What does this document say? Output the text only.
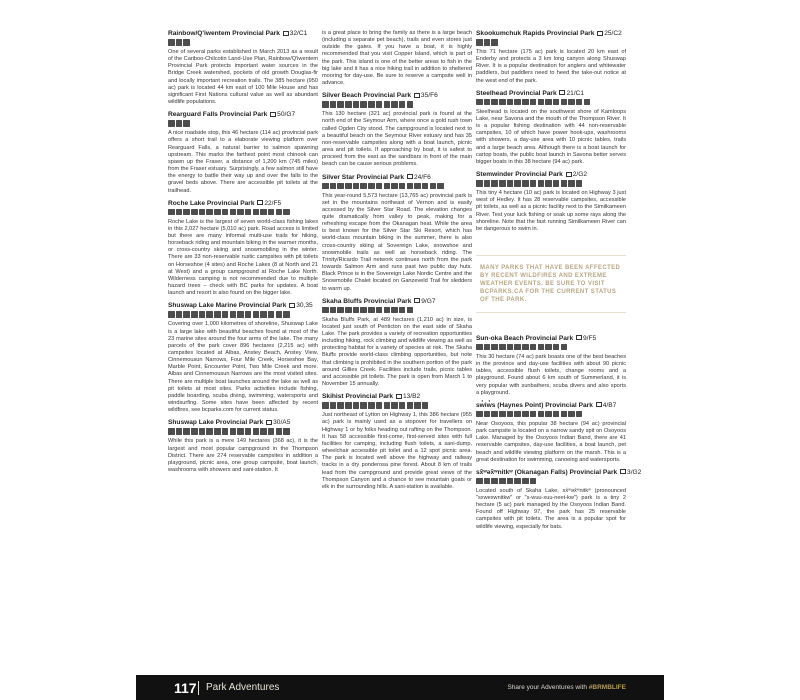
Rainbow/Q'iwentem Provincial Park 32/C1

One of several parks established in March 2013 as a result of the Cariboo-Chilcotin Land-Use Plan, Rainbow/Q'iwentem Provincial Park protects important water sources in the Bridge Creek watershed, pockets of old growth Douglas-fir and locally important recreation trails. The 385 hectare (950 ac) park is located 44 km east of 100 Mile House and has significant First Nations cultural value as well as abundant wildlife populations.

Rearguard Falls Provincial Park 50/G7

A nice roadside stop, this 46 hectare (114 ac) provincial park offers a short trail to a elaborate viewing platform over Rearguard Falls, a natural barrier to salmon spawning upstream. This marks the farthest point most chinook can spawn up the Fraser, a distance of 1,200 km (745 miles) from the Fraser estuary. Surprisingly, a few salmon still have the energy to battle their way up and over the falls to the gravel beds above. There are accessible pit toilets at the trailhead.

Roche Lake Provincial Park 22/F5

Roche Lake is the largest of seven world-class fishing lakes in this 2,027 hectare (5,010 ac) park. Road access is limited but there are many informal multi-use trails for hiking, horseback riding and mountain biking in the warmer months, or cross-country skiing and snowmobiling in the winter. There are 33 non-reservable rustic campsites with pit toilets on Horseshoe (4 sites) and Roche Lakes (8 at North and 21 at West) and a group campground at Roche Lake North. Wilderness camping is not recommended due to multiple hazard trees – check with BC parks for updates. A boat launch and resort is also found on the bigger lake.

Shuswap Lake Marine Provincial Park 30,35

Covering over 1,000 kilometres of shoreline, Shuswap Lake is a large lake with beautiful beaches found at most of the 23 marine sites around the four arms of the lake. The many parcels of the park cover 896 hectares (2,215 ac) with campsites located at Albas, Anstey Beach, Anstey View, Cinnemousun Narrows, Four Mile Creek, Horseshoe Bay, Marble Point, Encounter Point, Two Mile Creek and more. Albas and Cinnemousun Narrows are the most visited sites. There are multiple boat launches around the lake as well as pit toilets at most sites. Parks activities include fishing, paddle boarding, scuba diving, swimming, watersports and windsurfing. Some sites have been affected by recent wildfires, see bcparks.com for current status.

Shuswap Lake Provincial Park 30/A5

While this park is a mere 149 hectares (368 ac), it is the largest and most popular campground in the Thompson District. There are 274 reservable campsites in addition a playground, picnic area, one group campsite, boat launch, washrooms with showers and sani-station. It

is a great place to bring the family as there is a large beach (including a separate pet beach), trails and even stores just outside the gates. If you have a boat, it is highly recommended that you visit Copper Island, which is part of the park. This island is one of the better areas to fish in the big lake and it has a nice hiking trail in addition to sheltered mooring for day-use. Be sure to reserve a campsite well in advance.

Silver Beach Provincial Park 35/F6

This 130 hectare (321 ac) provincial park is found at the north end of the Seymour Arm, where once a gold rush town called Ogden City stood. The campground is located next to a beautiful beach on the Seymour River estuary and has 35 non-reservable campsites along with a boat launch, picnic area and pit toilets. If approaching by boat, it is safest to proceed from the east as the sandbars in front of the main beach can be cause serious problems.

Silver Star Provincial Park 24/F6

This year-round 5,573 hectare (13,765 ac) provincial park is set in the mountains northeast of Vernon and is easily accessed by the Silver Star Road. The elevation changes quite dramatically from valley to peak, making for a refreshing escape from the Okanagan heat. While the area is best known for the Silver Star Ski Resort, which has world-class mountain biking in the summer, there is also cross-country skiing at Sovereign Lake, snowshoe and snowmobile trails as well as horseback riding. The Trinity/Ricardo Trail network continues north from the park towards Salmon Arm and runs past two public day huts. Black Prince is in the Sovereign Lake Nordic Centre and the Snowmobile Chalet located on Ganzeveld Trail for sledders to warm up.

Skaha Bluffs Provincial Park 9/G7

Skaha Bluffs Park, at 489 hectares (1,210 ac) in size, is located just south of Penticton on the east side of Skaha Lake. The park provides a variety of recreation opportunities including hiking, rock climbing and wildlife viewing as well as protecting habitat for a variety of species at risk. The Skaha Bluffs provide world-class climbing opportunities, but note that climbing is prohibited in the southern portion of the park around Gillies Creek. Facilities include trails, picnic tables and accessible pit toilets. The park is open from March 1 to November 15 annually.

Skihist Provincial Park 13/B2

Just northeast of Lytton on Highway 1, this 386 hectare (955 ac) park is mainly used as a stopover for travellers on Highway 1 or by folks heading out rafting on the Thompson. It has 58 accessible first-come, first-served sites with full facilities for camping, including flush toilets, a sani-dump, wheelchair accessible pit toilet and a 12 spot picnic area. The park is located well above the highway and railway tracks in a dry ponderosa pine forest. About 8 km of trails lead from the campground and provide great views of the Thompson Canyon and a chance to see mountain goats or elk in the surrounding hills. A sani-station is available.

Skookumchuk Rapids Provincial Park 25/C2

This 71 hectare (175 ac) park is located 20 km east of Enderby and protects a 3 km long canyon along Shuswap River. It is a popular destination for anglers and whitewater paddlers, but paddlers need to heed the take-out notice at the west end of the park.

Steelhead Provincial Park 21/C1

Steelhead is located on the southwest shore of Kamloops Lake, near Savona and the mouth of the Thompson River. It is a popular fishing destination with 44 non-reservable campsites, 10 of which have power hook-ups, washrooms with showers, a day-use area with 10 picnic tables, trails and a large beach area. Although there is a boat launch for cartop boats, the public boat launch in Savona better serves bigger boats in this 38 hectare (94 ac) park.

Stemwinder Provincial Park 2/G2

This tiny 4 hectare (10 ac) park is located on Highway 3 just west of Hedley. It has 28 reservable campsites, accessible pit toilets, as well as a picnic facility next to the Similkameen River. Test your luck fishing or soak up some rays along the shoreline. Note that the fast running Similkameen River can be dangerous to swim in.

MANY PARKS THAT HAVE BEEN AFFECTED BY RECENT WILDFIRES AND EXTREME WEATHER EVENTS. BE SURE TO VISIT BCPARKS.CA FOR THE CURRENT STATUS OF THE PARK.
Sun-oka Beach Provincial Park 9/F5

This 30 hectare (74 ac) park boasts one of the best beaches in the province and day-use facilities with about 90 picnic tables, accessible flush toilets, change rooms and a playground. Found about 6 km south of Summerland, it is very popular with sunbathers, scuba divers and also sports a playground.

sw̓iw̓s (Haynes Point) Provincial Park 4/B7

Near Osoyoos, this popular 38 hectare (94 ac) provincial park campsite is located on a narrow sandy spit on Osoyoos Lake. Managed by the Osoyoos Indian Band, there are 41 reservable campsites, day-use facilities, a boat launch, pet beach and wildlife viewing platform on the marsh. This is a great destination for swimming, canoeing and watersports.

sx̌ʷəx̌ʷnitkʷ (Okanagan Falls) Provincial Park 3/G2

Located south of Skaha Lake, sx̌ʷəx̌ʷnitkʷ (pronounced "sxwexwnitkw" or "s-wuu-xuu-neet-kw") park is a tiny 2 hectare (5 ac) park managed by the Osoyoos Indian Band. Found off Highway 97, the park has 25 reservable campsites with pit toilets. The area is a popular spot for wildlife viewing, especially for bats.

117 Park Adventures	Share your Adventures with #BRMBLIFE
